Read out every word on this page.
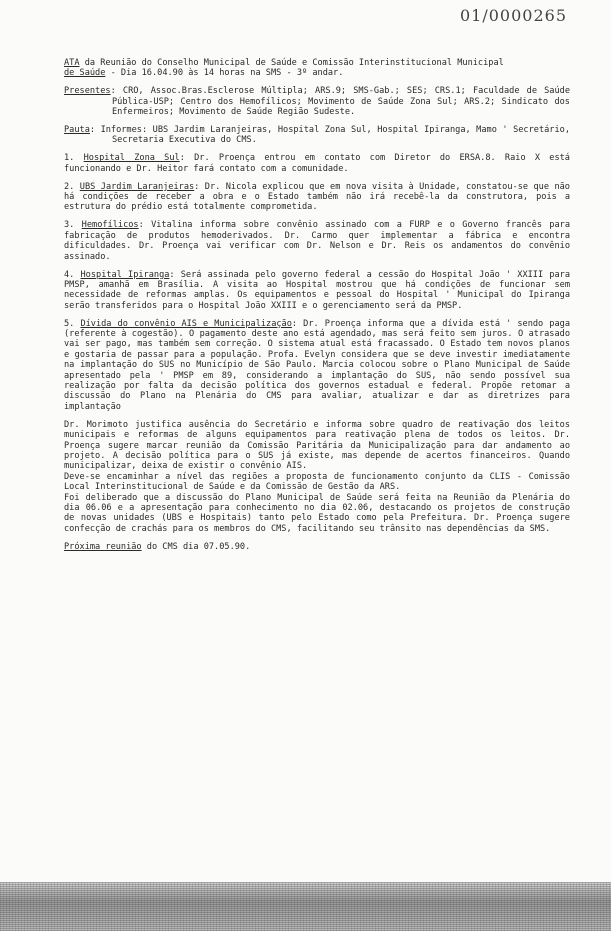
01/0000265

ATA da Reunião do Conselho Municipal de Saúde e Comissão Interinstitucional Municipal
de Saúde - Dia 16.04.90 às 14 horas na SMS - 3º andar.

Presentes: CRO, Assoc.Bras.Esclerose Múltipla; ARS.9; SMS-Gab.; SES; CRS.1; Faculdade de Saúde Pública-USP; Centro dos Hemofílicos; Movimento de Saúde Zona Sul; ARS.2; Sindicato dos Enfermeiros; Movimento de Saúde Região Sudeste.

Pauta: Informes: UBS Jardim Laranjeiras, Hospital Zona Sul, Hospital Ipiranga, Mamo ' Secretário, Secretaria Executiva do CMS.

1. Hospital Zona Sul: Dr. Proença entrou em contato com Diretor do ERSA.8. Raio X está funcionando e Dr. Heitor fará contato com a comunidade.

2. UBS Jardim Laranjeiras: Dr. Nicola explicou que em nova visita à Unidade, constatou-se que não há condições de receber a obra e o Estado também não irá recebê-la da construtora, pois a estrutura do prédio está totalmente comprometida.

3. Hemofílicos: Vitalina informa sobre convênio assinado com a FURP e o Governo francês para fabricação de produtos hemoderivados. Dr. Carmo quer implementar a fábrica e encontra dificuldades. Dr. Proença vai verificar com Dr. Nelson e Dr. Reis os andamentos do convênio assinado.

4. Hospital Ipiranga: Será assinada pelo governo federal a cessão do Hospital João ' XXIII para PMSP, amanhã em Brasília. A visita ao Hospital mostrou que há condições de funcionar sem necessidade de reformas amplas. Os equipamentos e pessoal do Hospital ' Municipal do Ipiranga serão transferidos para o Hospital João XXIII e o gerenciamento será da PMSP.

5. Dívida do convênio AIS e Municipalização: Dr. Proença informa que a dívida está ' sendo paga (referente à cogestão). O pagamento deste ano está agendado, mas será feito sem juros. O atrasado vai ser pago, mas também sem correção. O sistema atual está fracassado. O Estado tem novos planos e gostaria de passar para a população. Profa. Evelyn considera que se deve investir imediatamente na implantação do SUS no Município de São Paulo. Marcia colocou sobre o Plano Municipal de Saúde apresentado pela ' PMSP em 89, considerando a implantação do SUS, não sendo possível sua realização por falta da decisão política dos governos estadual e federal. Propõe retomar a discussão do Plano na Plenária do CMS para avaliar, atualizar e dar as diretrizes para implantação

Dr. Morimoto justifica ausência do Secretário e informa sobre quadro de reativação dos leitos municipais e reformas de alguns equipamentos para reativação plena de todos os leitos. Dr. Proença sugere marcar reunião da Comissão Paritária da Municipalização para dar andamento ao projeto. A decisão política para o SUS já existe, mas depende de acertos financeiros. Quando municipalizar, deixa de existir o convênio AIS.

Deve-se encaminhar a nível das regiões a proposta de funcionamento conjunto da CLIS - Comissão Local Interinstitucional de Saúde e da Comissão de Gestão da ARS.

Foi deliberado que a discussão do Plano Municipal de Saúde será feita na Reunião da Plenária do dia 06.06 e a apresentação para conhecimento no dia 02.06, destacando os projetos de construção de novas unidades (UBS e Hospitais) tanto pelo Estado como pela Prefeitura. Dr. Proença sugere confecção de crachás para os membros do CMS, facilitando seu trânsito nas dependências da SMS.

Próxima reunião do CMS dia 07.05.90.
